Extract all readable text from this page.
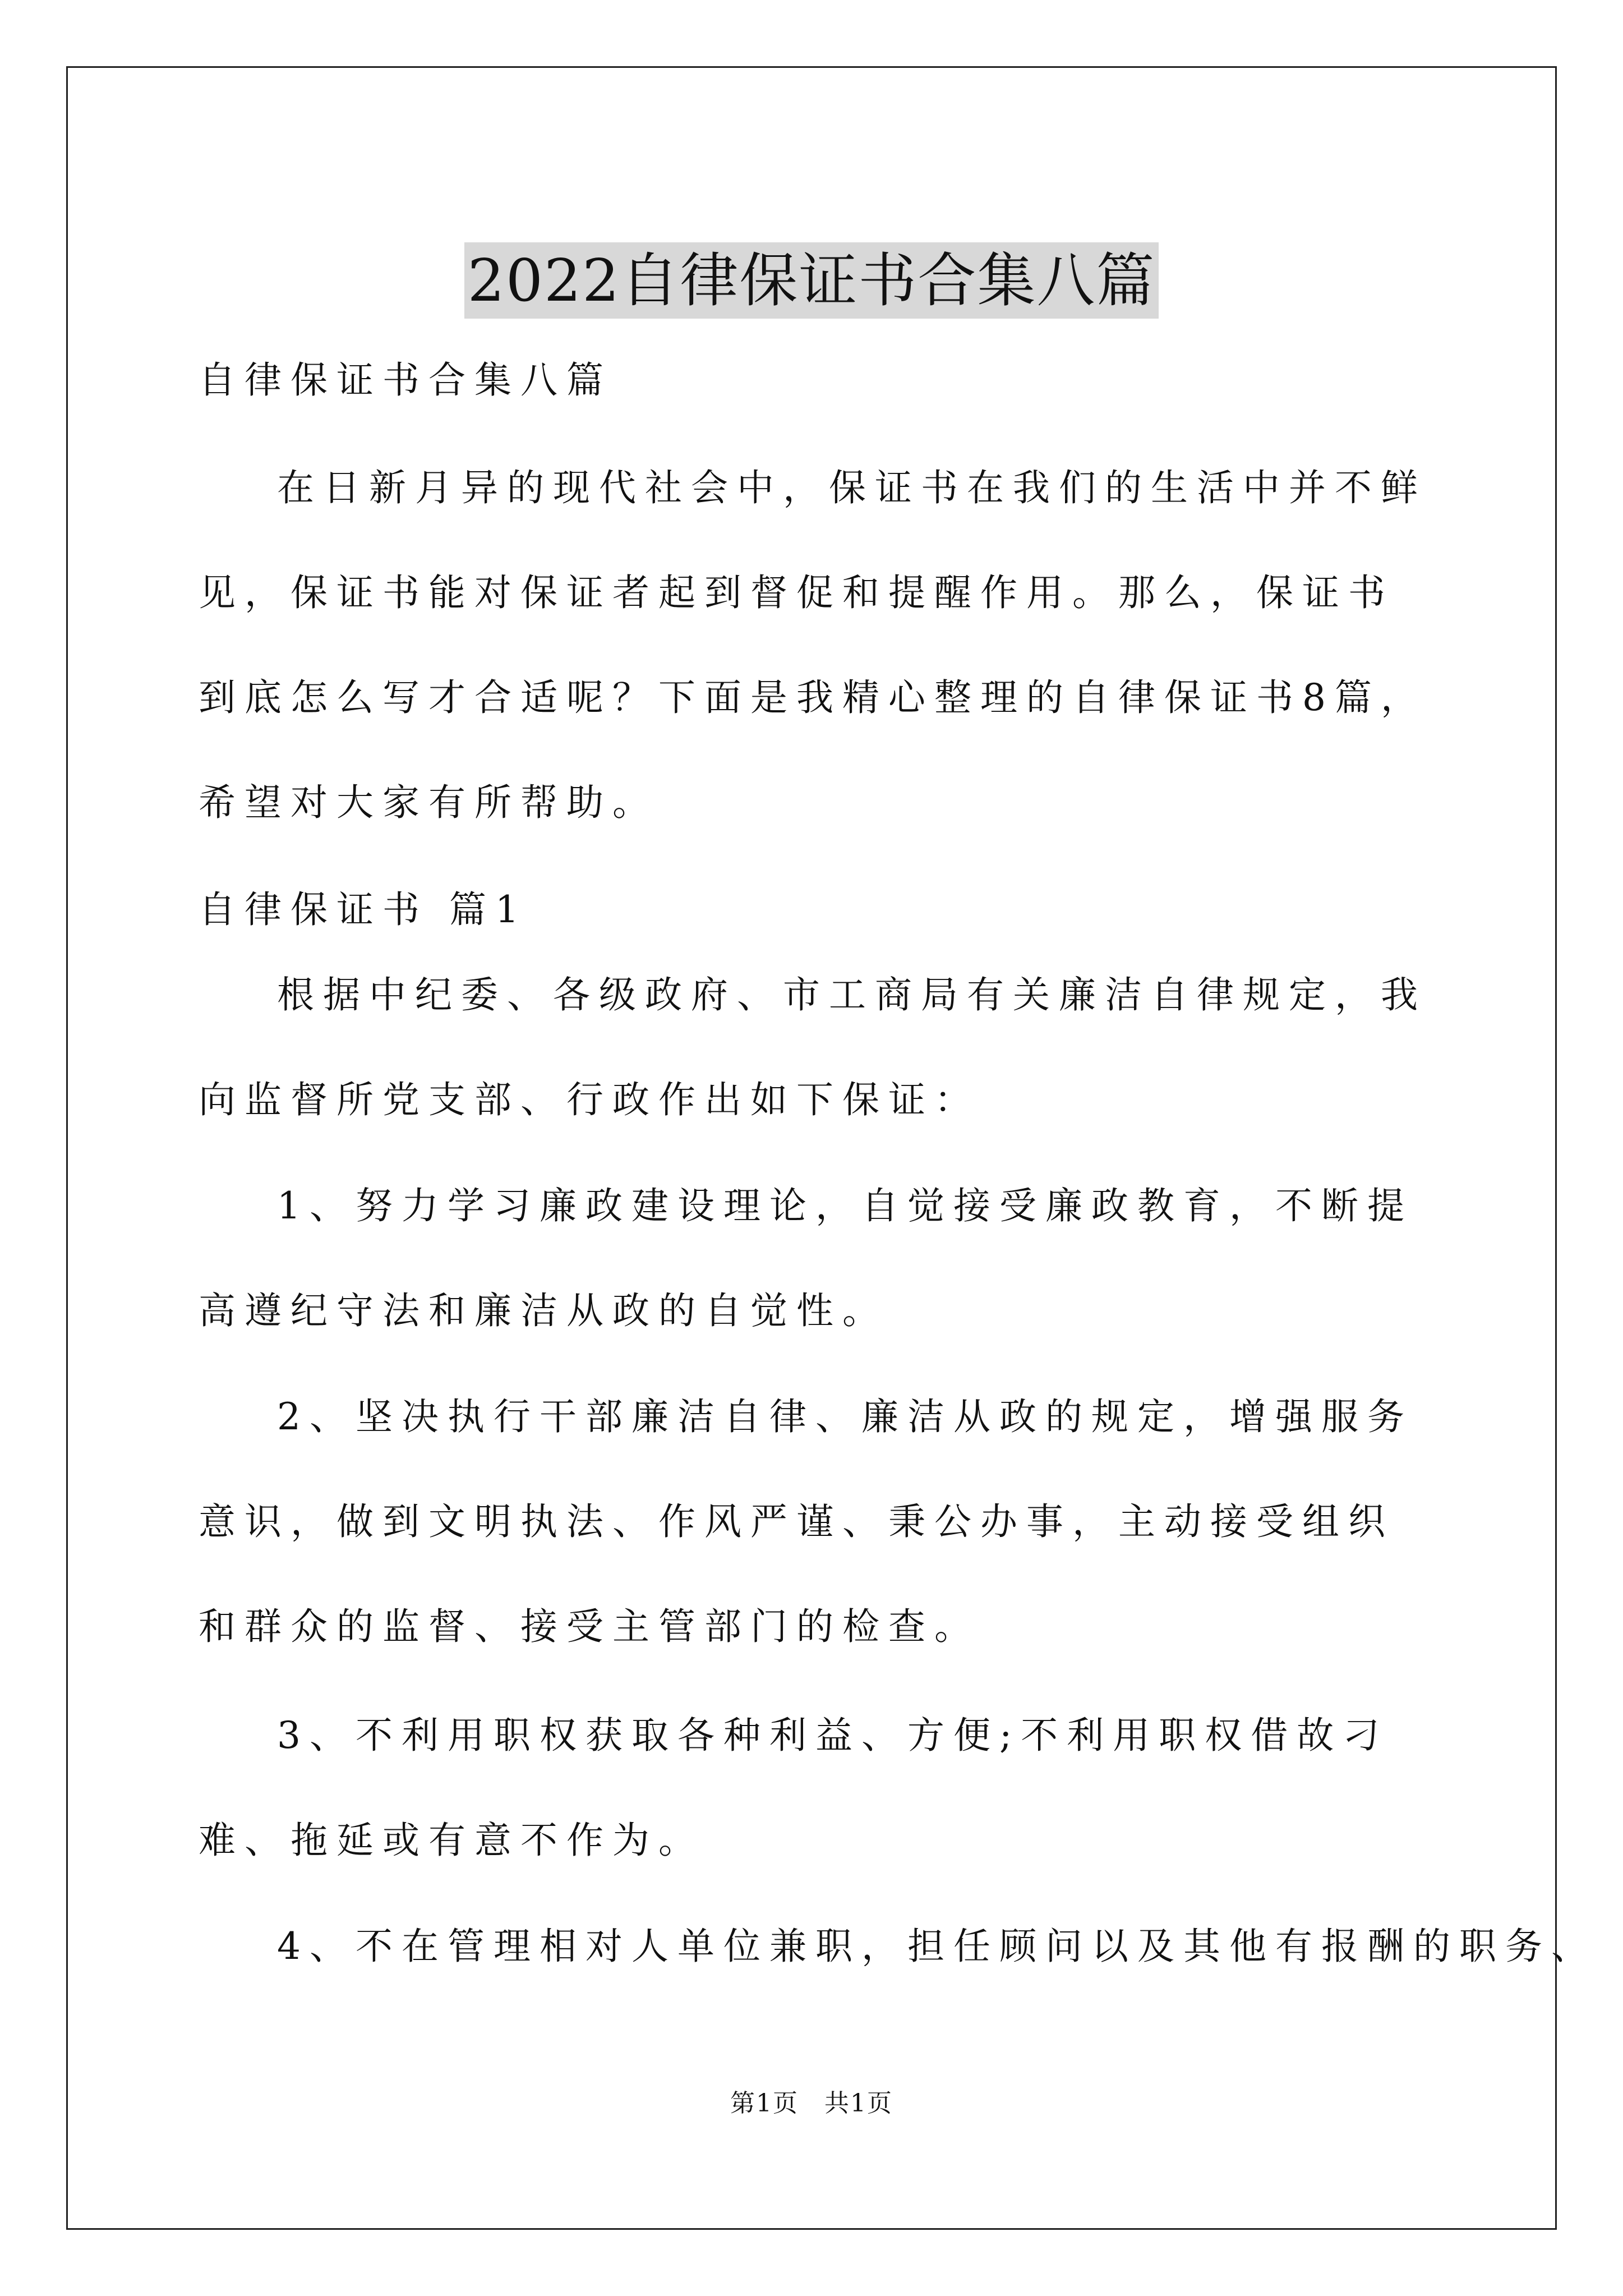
2022自律保证书合集八篇

自律保证书合集八篇

在日新月异的现代社会中，保证书在我们的生活中并不鲜见，保证书能对保证者起到督促和提醒作用。那么，保证书到底怎么写才合适呢？下面是我精心整理的自律保证书8篇，希望对大家有所帮助。

自律保证书 篇1

根据中纪委、各级政府、市工商局有关廉洁自律规定，我向监督所党支部、行政作出如下保证：

1、努力学习廉政建设理论，自觉接受廉政教育，不断提高遵纪守法和廉洁从政的自觉性。

2、坚决执行干部廉洁自律、廉洁从政的规定，增强服务意识，做到文明执法、作风严谨、秉公办事，主动接受组织和群众的监督、接受主管部门的检查。

3、不利用职权获取各种利益、方便;不利用职权借故刁难、拖延或有意不作为。

4、不在管理相对人单位兼职，担任顾问以及其他有报酬的职务、

第1页　共1页
